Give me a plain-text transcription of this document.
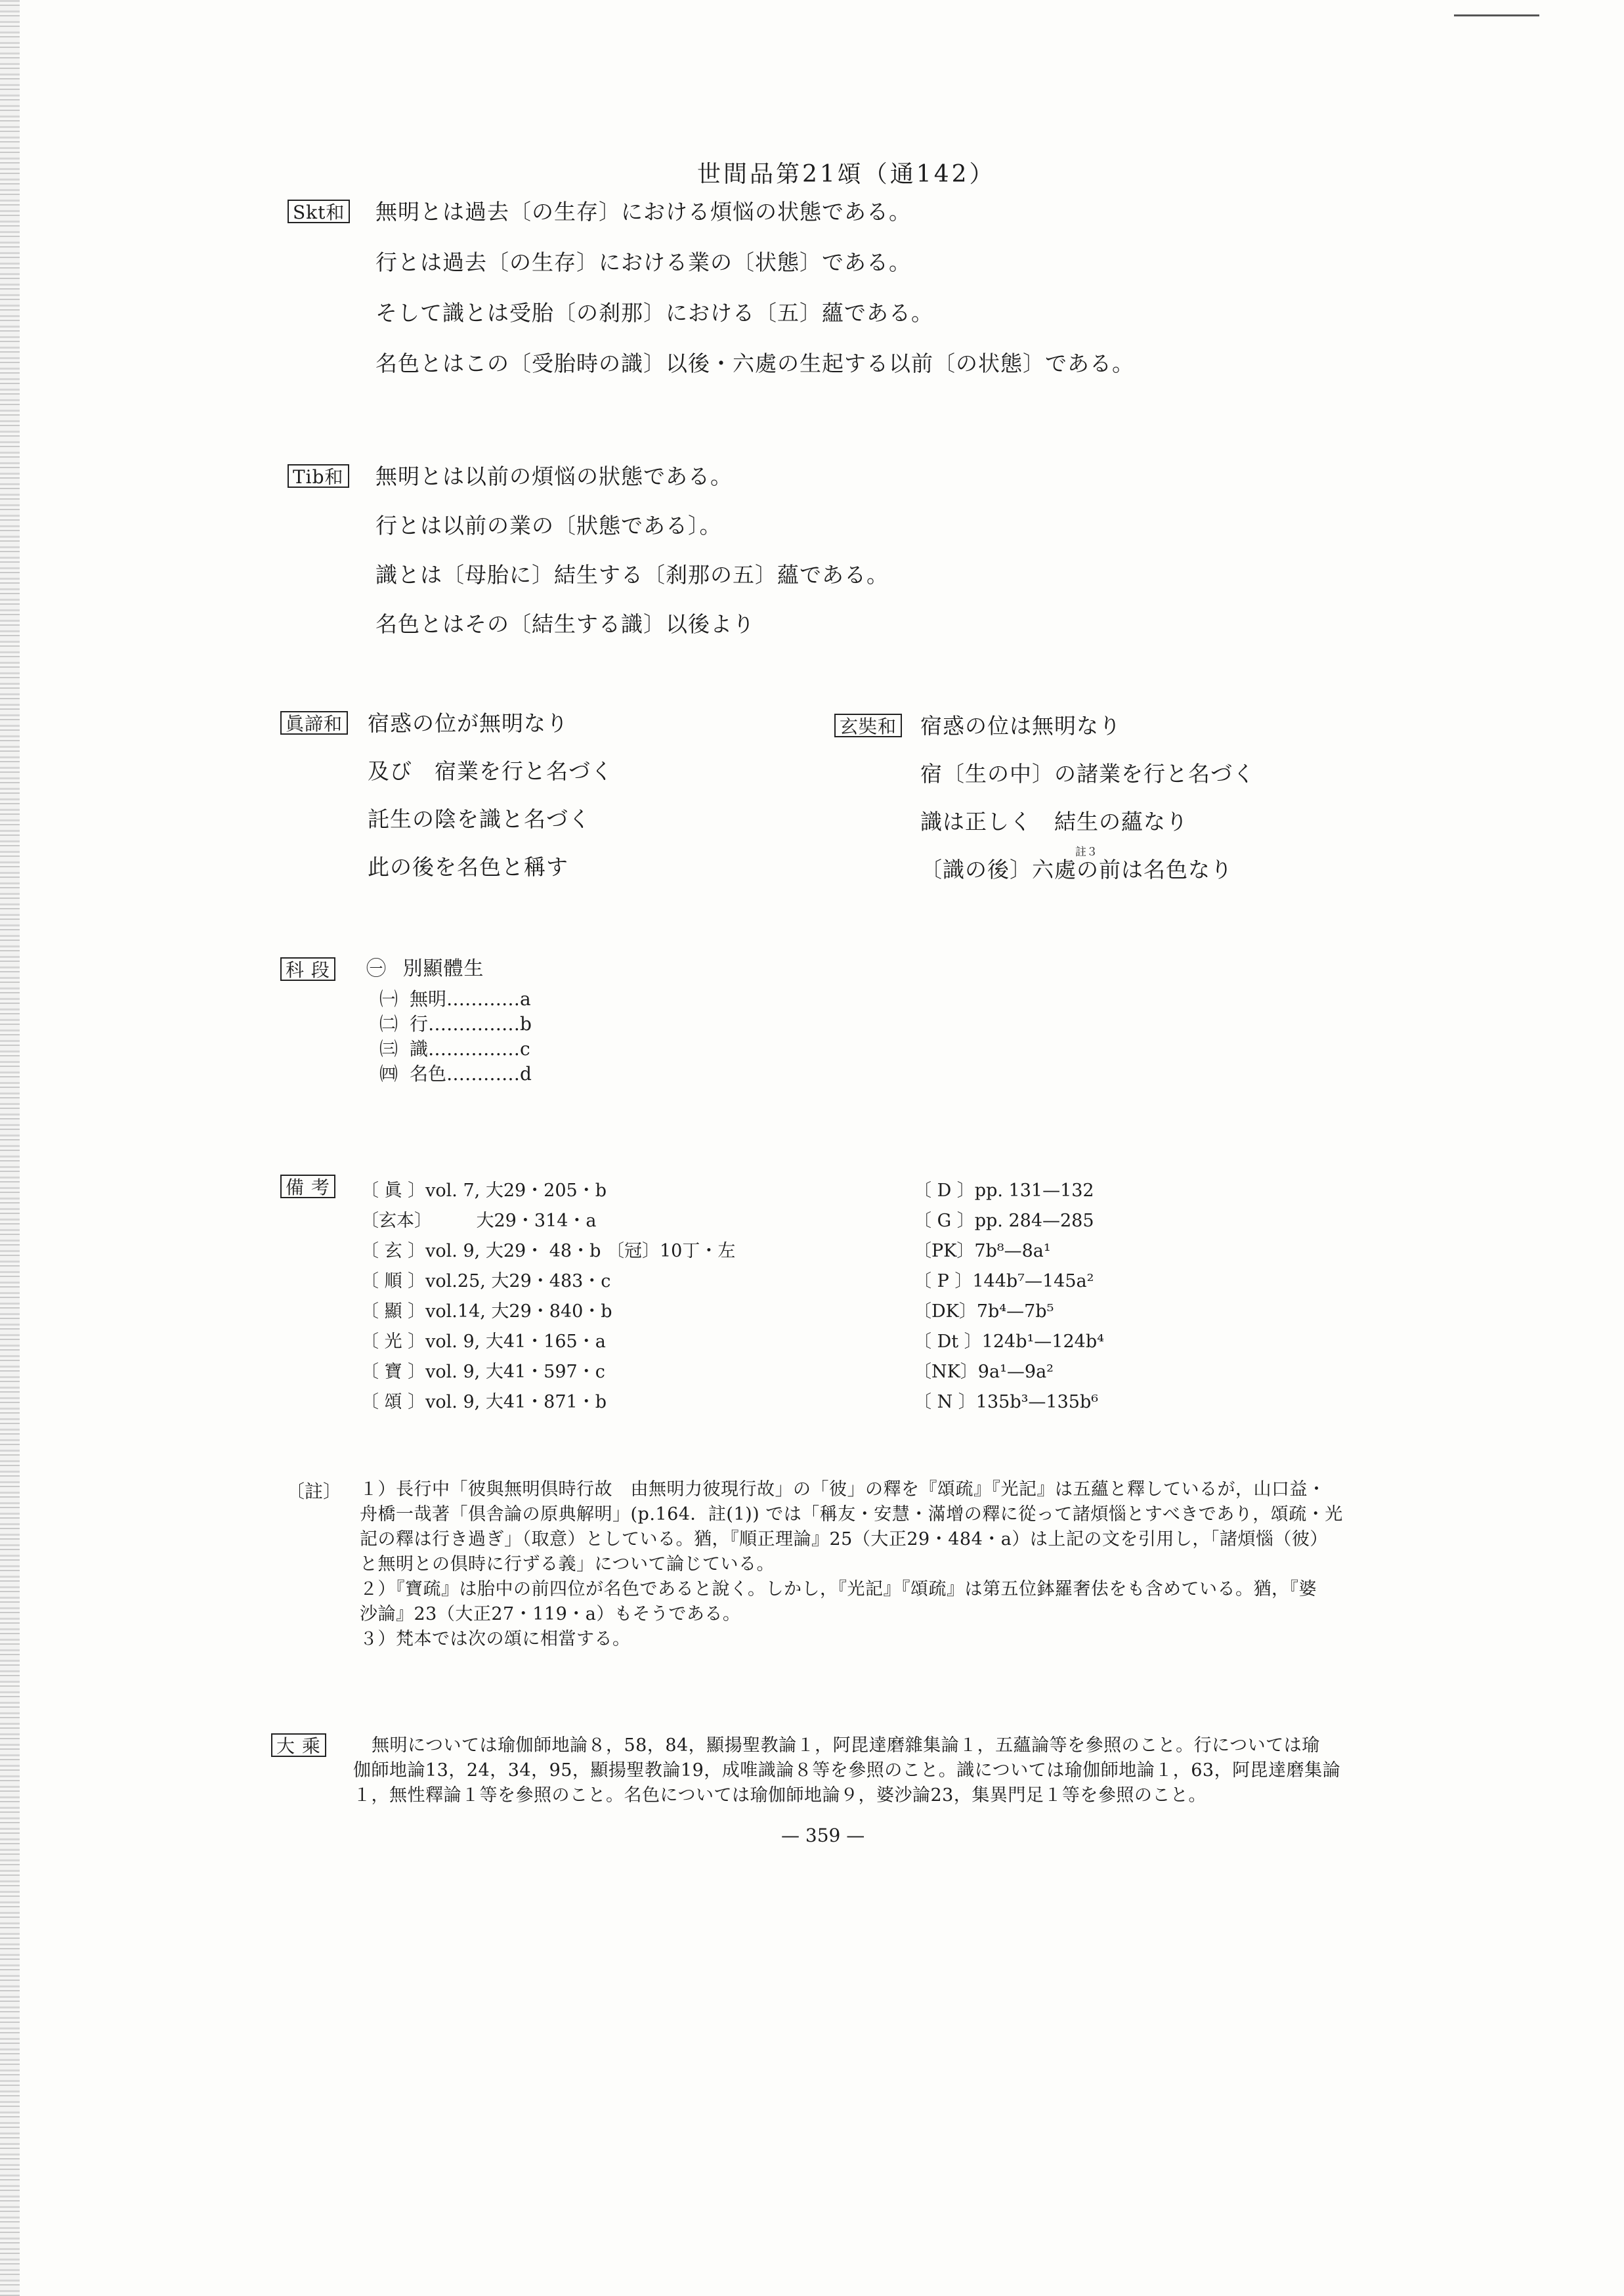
世間品第21頌（通142）
Skt和 無明とは過去〔の生存〕における煩悩の状態である。
行とは過去〔の生存〕における業の〔状態〕である。
そして識とは受胎〔の刹那〕における〔五〕蘊である。
名色とはこの〔受胎時の識〕以後・六處の生起する以前〔の状態〕である。
Tib和 無明とは以前の煩悩の狀態である。
行とは以前の業の〔狀態である〕。
識とは〔母胎に〕結生する〔刹那の五〕蘊である。
名色とはその〔結生する識〕以後より
眞諦和 宿惑の位が無明なり
及び　宿業を行と名づく
託生の陰を識と名づく
此の後を名色と稱す
玄奘和 宿惑の位は無明なり
宿〔生の中〕の諸業を行と名づく
識は正しく　結生の蘊なり
〔識の後〕六處の前は名色なり
註３
科 段 ㊀ 別顯體生
㈠ 無明…………a
㈡ 行……………b
㈢ 識……………c
㈣ 名色…………d
備 考 〔 眞 〕vol. 7, 大29・205・b
〔玄本〕　　　大29・314・a
〔 玄 〕vol. 9, 大29・ 48・b 〔冠〕10丁・左
〔 順 〕vol.25, 大29・483・c
〔 顯 〕vol.14, 大29・840・b
〔 光 〕vol. 9, 大41・165・a
〔 寶 〕vol. 9, 大41・597・c
〔 頌 〕vol. 9, 大41・871・b
〔 D 〕pp. 131—132
〔 G 〕pp. 284—285
〔PK〕7b⁸—8a¹
〔 P 〕144b⁷—145a²
〔DK〕7b⁴—7b⁵
〔 Dt 〕124b¹—124b⁴
〔NK〕9a¹—9a²
〔 N 〕135b³—135b⁶
〔註〕 １）長行中「彼與無明倶時行故　由無明力彼現行故」の「彼」の釋を『頌疏』『光記』は五蘊と釋しているが，山口益・
舟橋一哉著「倶舎論の原典解明」(p.164．註(1)) では「稱友・安慧・滿增の釋に從って諸煩惱とすべきであり，頌疏・光
記の釋は行き過ぎ」（取意）としている。猶，『順正理論』25（大正29・484・a）は上記の文を引用し，「諸煩惱（彼）
と無明との倶時に行ずる義」について論じている。
２）『寶疏』は胎中の前四位が名色であると說く。しかし，『光記』『頌疏』は第五位鉢羅奢佉をも含めている。猶，『婆
沙論』23（大正27・119・a）もそうである。
３）梵本では次の頌に相當する。
大 乘	無明については瑜伽師地論８，58，84，顯揚聖教論１，阿毘達磨雜集論１，五蘊論等を參照のこと。行については瑜
伽師地論13，24，34，95，顯揚聖教論19，成唯識論８等を參照のこと。識については瑜伽師地論１，63，阿毘達磨集論
１，無性釋論１等を參照のこと。名色については瑜伽師地論９，婆沙論23，集異門足１等を參照のこと。
— 359 —
